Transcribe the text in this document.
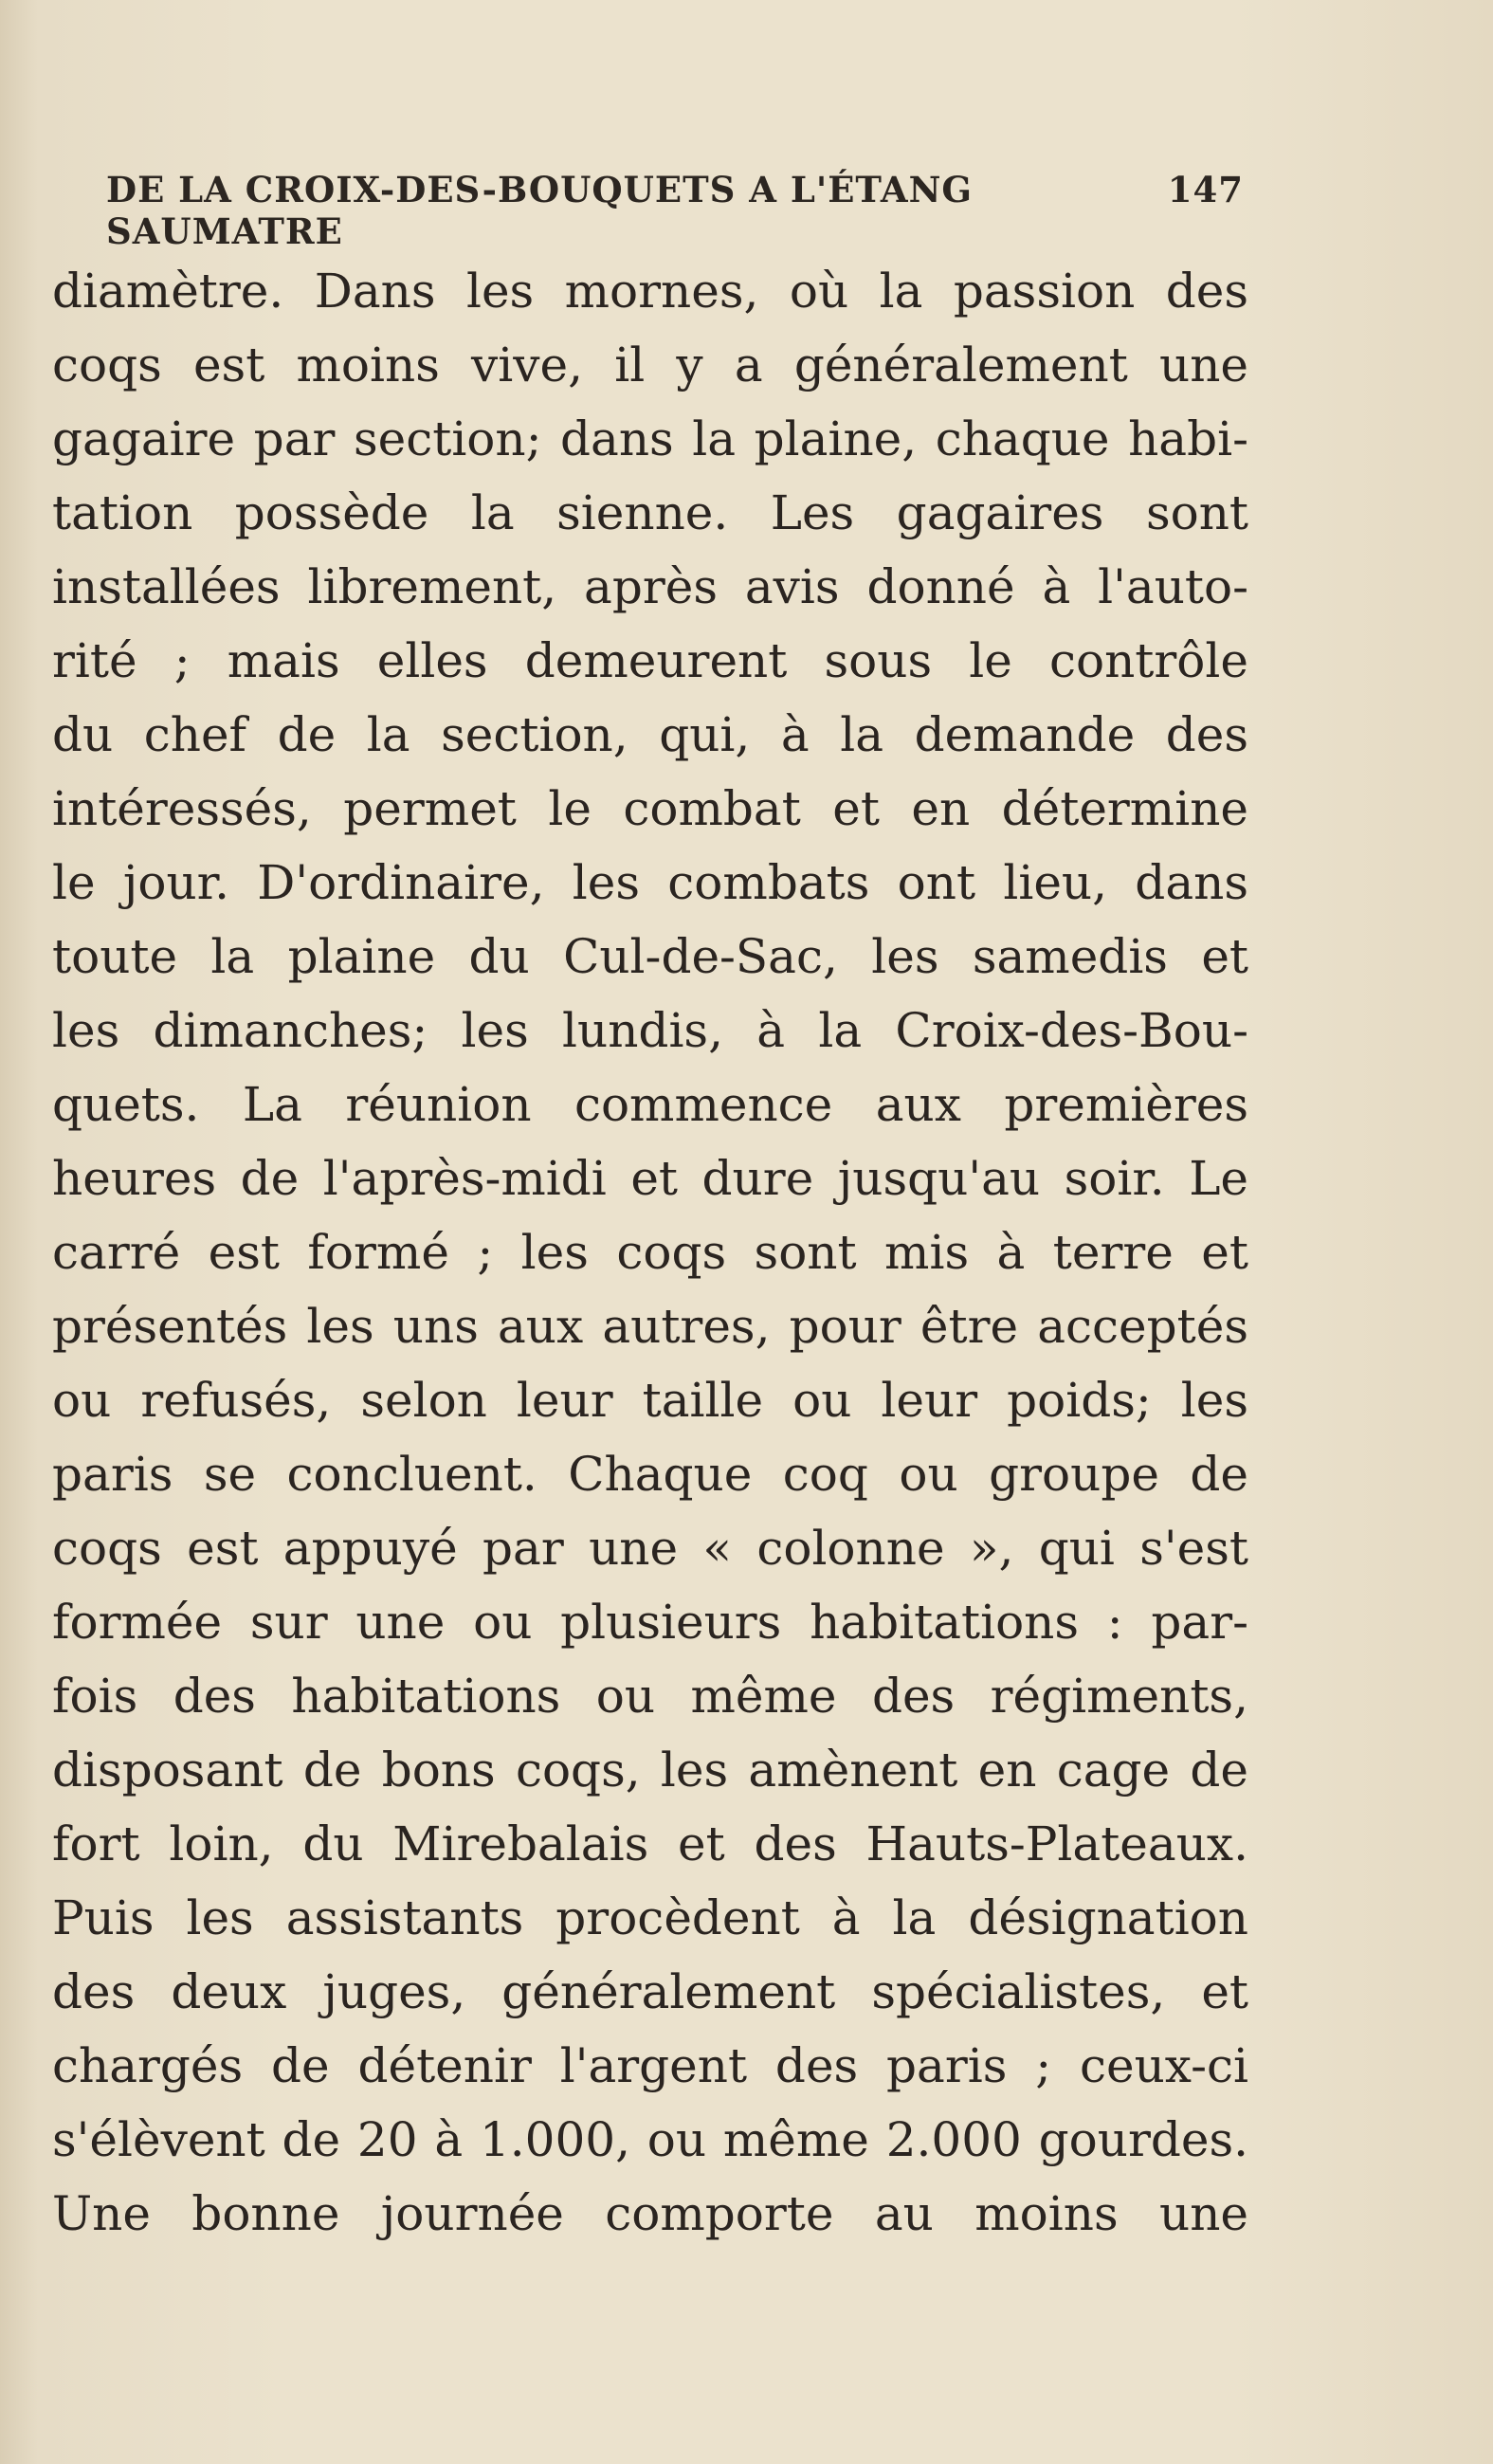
DE LA CROIX-DES-BOUQUETS A L'ÉTANG SAUMATRE
147
diamètre. Dans les mornes, où la passion des
coqs est moins vive, il y a généralement une
gagaire par section; dans la plaine, chaque habi-
tation possède la sienne. Les gagaires sont
installées librement, après avis donné à l'auto-
rité ; mais elles demeurent sous le contrôle
du chef de la section, qui, à la demande des
intéressés, permet le combat et en détermine
le jour. D'ordinaire, les combats ont lieu, dans
toute la plaine du Cul-de-Sac, les samedis et
les dimanches; les lundis, à la Croix-des-Bou-
quets. La réunion commence aux premières
heures de l'après-midi et dure jusqu'au soir. Le
carré est formé ; les coqs sont mis à terre et
présentés les uns aux autres, pour être acceptés
ou refusés, selon leur taille ou leur poids; les
paris se concluent. Chaque coq ou groupe de
coqs est appuyé par une « colonne », qui s'est
formée sur une ou plusieurs habitations : par-
fois des habitations ou même des régiments,
disposant de bons coqs, les amènent en cage de
fort loin, du Mirebalais et des Hauts-Plateaux.
Puis les assistants procèdent à la désignation
des deux juges, généralement spécialistes, et
chargés de détenir l'argent des paris ; ceux-ci
s'élèvent de 20 à 1.000, ou même 2.000 gourdes.
Une bonne journée comporte au moins une
